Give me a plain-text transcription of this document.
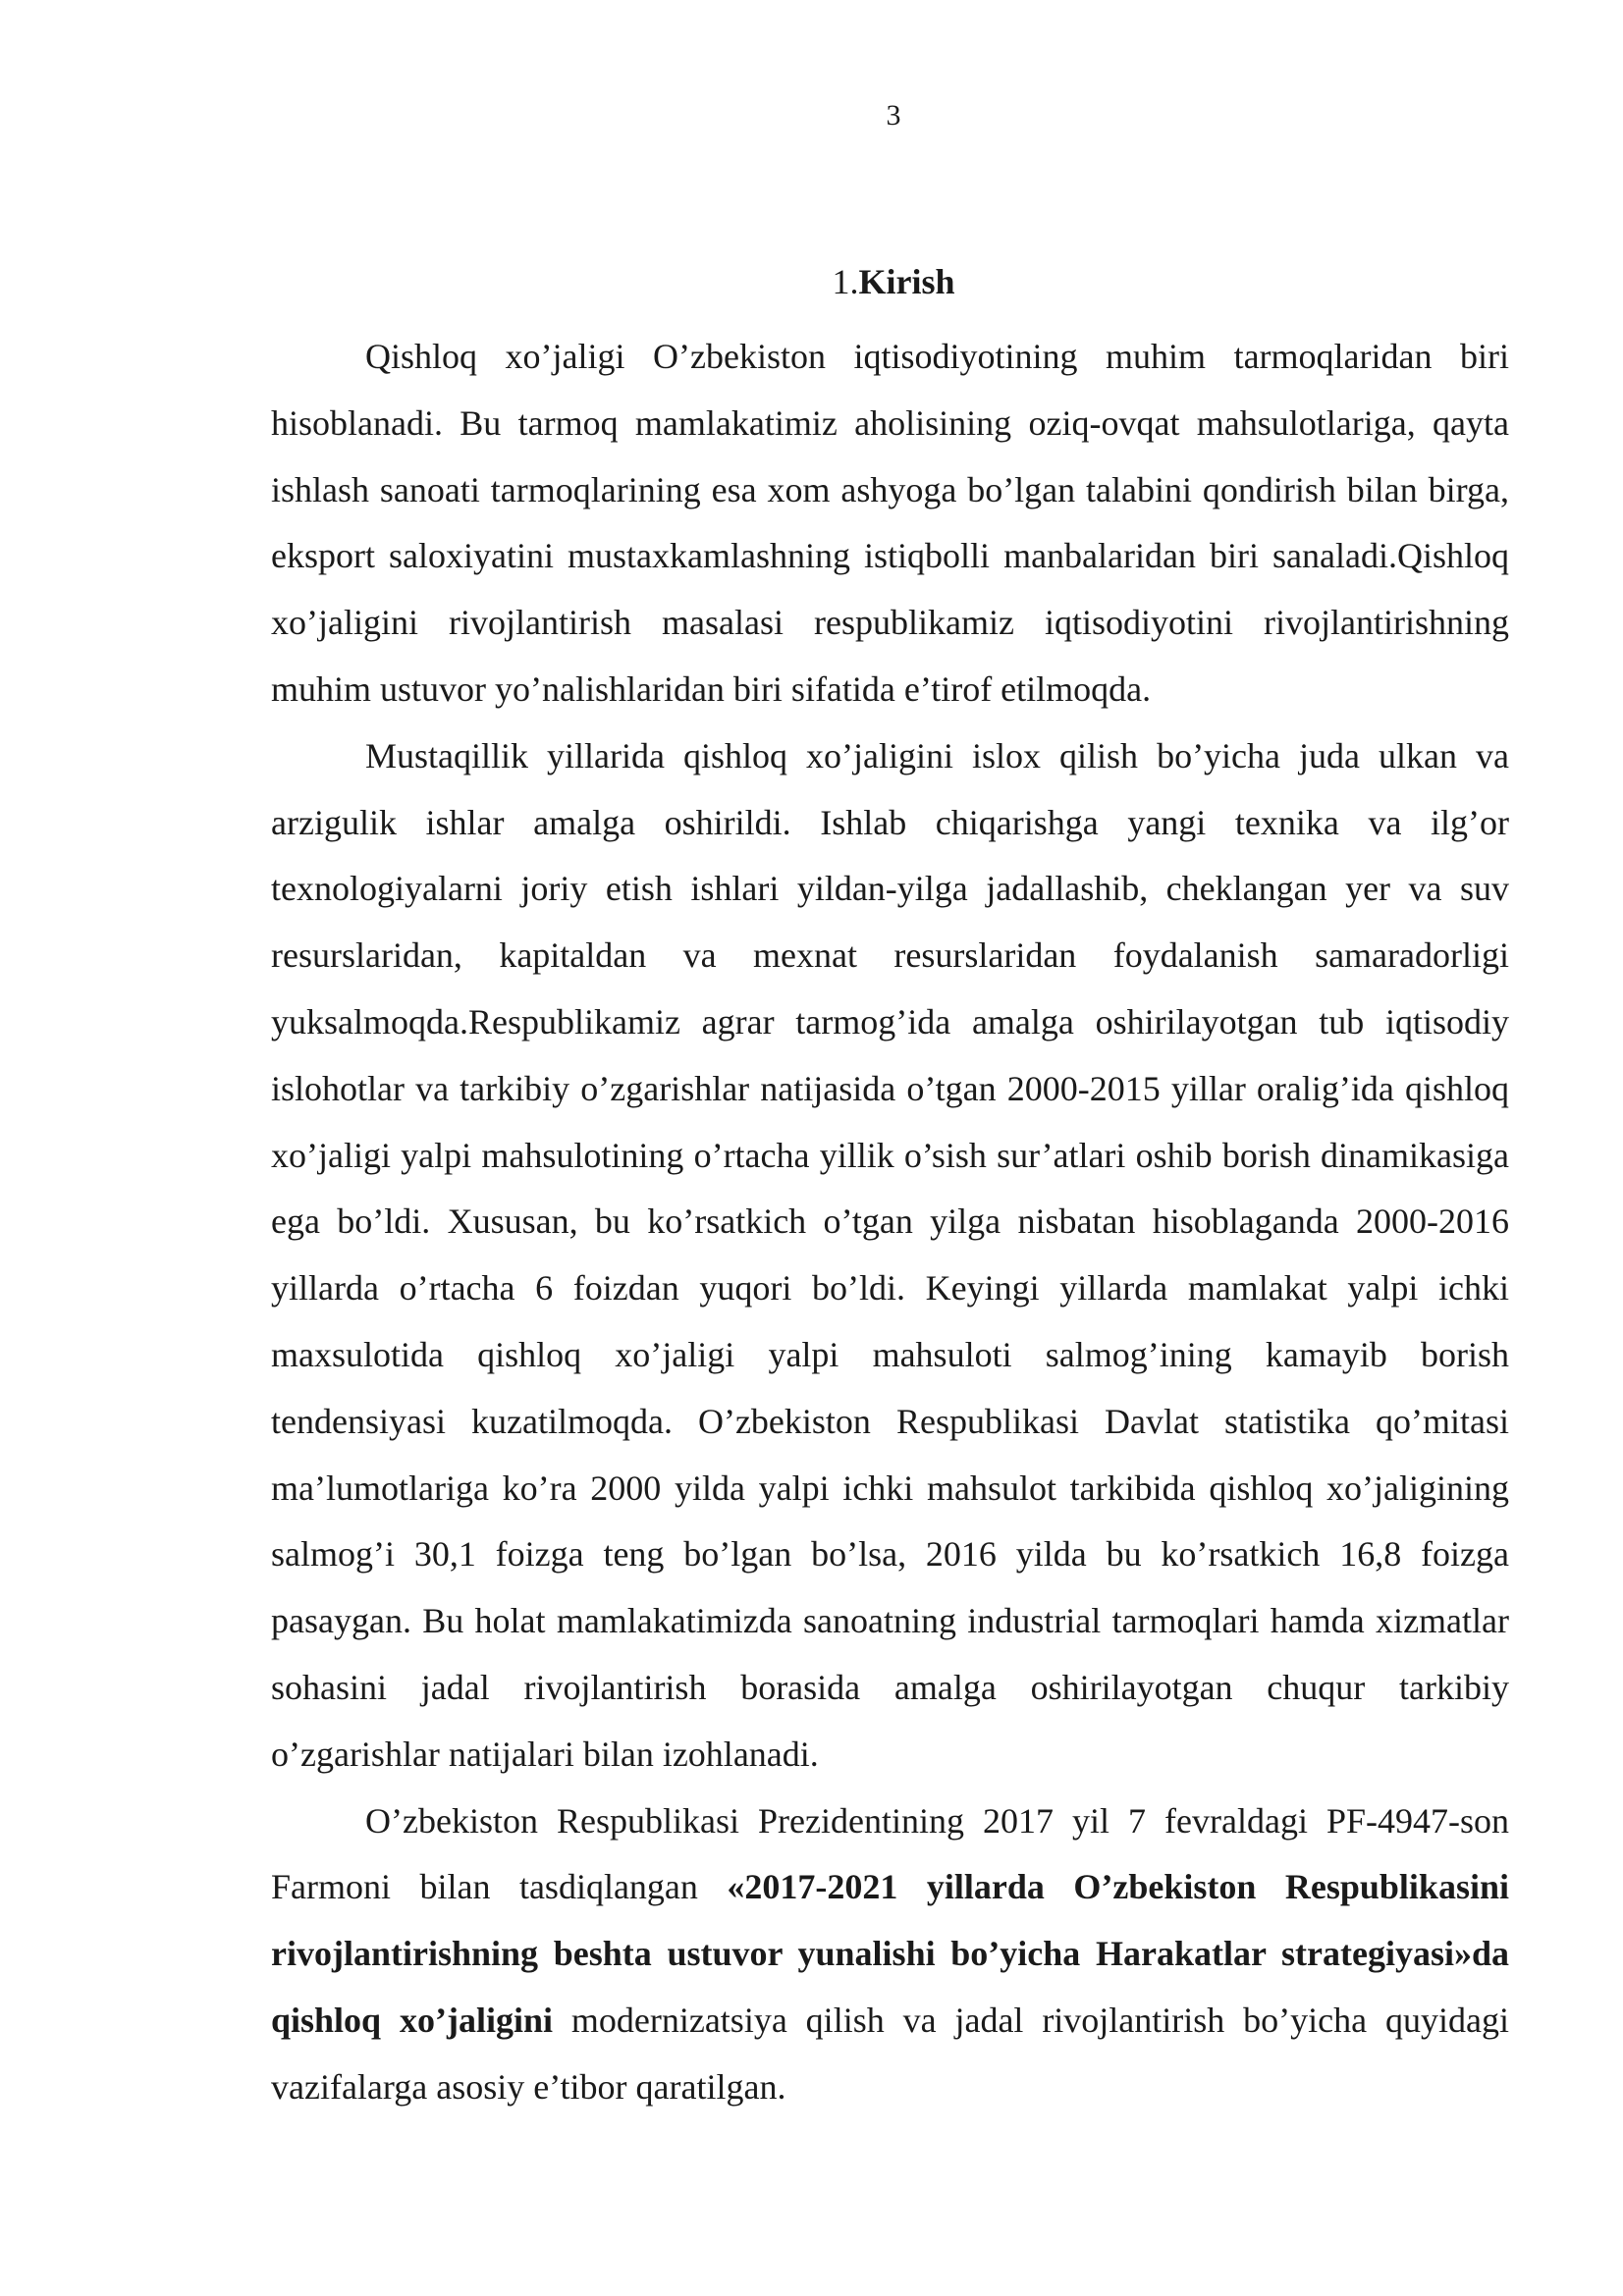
3
1.Kirish

Qishloq xo’jaligi O’zbekiston iqtisodiyotining muhim tarmoqlaridan biri hisoblanadi. Bu tarmoq mamlakatimiz aholisining oziq-ovqat mahsulotlariga, qayta ishlash sanoati tarmoqlarining esa xom ashyoga bo’lgan talabini qondirish bilan birga, eksport saloxiyatini mustaxkamlashning istiqbolli manbalaridan biri sanaladi.Qishloq xo’jaligini rivojlantirish masalasi respublikamiz iqtisodiyotini rivojlantirishning muhim ustuvor yo’nalishlaridan biri sifatida e’tirof etilmoqda.

Mustaqillik yillarida qishloq xo’jaligini islox qilish bo’yicha juda ulkan va arzigulik ishlar amalga oshirildi. Ishlab chiqarishga yangi texnika va ilg’or texnologiyalarni joriy etish ishlari yildan-yilga jadallashib, cheklangan yer va suv resurslaridan, kapitaldan va mexnat resurslaridan foydalanish samaradorligi yuksalmoqda.Respublikamiz agrar tarmog’ida amalga oshirilayotgan tub iqtisodiy islohotlar va tarkibiy o’zgarishlar natijasida o’tgan 2000-2015 yillar oralig’ida qishloq xo’jaligi yalpi mahsulotining o’rtacha yillik o’sish sur’atlari oshib borish dinamikasiga ega bo’ldi. Xususan, bu ko’rsatkich o’tgan yilga nisbatan hisoblaganda 2000-2016 yillarda o’rtacha 6 foizdan yuqori bo’ldi. Keyingi yillarda mamlakat yalpi ichki maxsulotida qishloq xo’jaligi yalpi mahsuloti salmog’ining kamayib borish tendensiyasi kuzatilmoqda. O’zbekiston Respublikasi Davlat statistika qo’mitasi ma’lumotlariga ko’ra 2000 yilda yalpi ichki mahsulot tarkibida qishloq xo’jaligining salmog’i 30,1 foizga teng bo’lgan bo’lsa, 2016 yilda bu ko’rsatkich 16,8 foizga pasaygan. Bu holat mamlakatimizda sanoatning industrial tarmoqlari hamda xizmatlar sohasini jadal rivojlantirish borasida amalga oshirilayotgan chuqur tarkibiy o’zgarishlar natijalari bilan izohlanadi.

O’zbekiston Respublikasi Prezidentining 2017 yil 7 fevraldagi PF-4947-son Farmoni bilan tasdiqlangan «2017-2021 yillarda O’zbekiston Respublikasini rivojlantirishning beshta ustuvor yunalishi bo’yicha Harakatlar strategiyasi»da qishloq xo’jaligini modernizatsiya qilish va jadal rivojlantirish bo’yicha quyidagi vazifalarga asosiy e’tibor qaratilgan.
